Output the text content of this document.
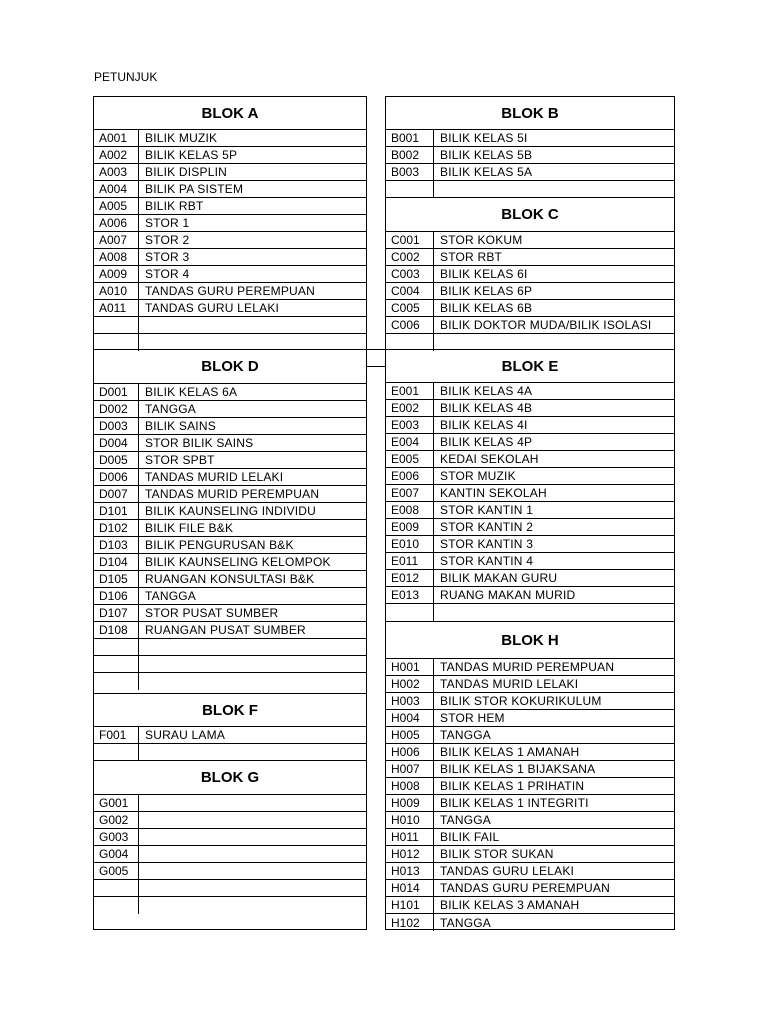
PETUNJUK
BLOK A
A001	BILIK MUZIK
A002	BILIK KELAS 5P
A003	BILIK DISPLIN
A004	BILIK PA SISTEM
A005	BILIK RBT
A006	STOR 1
A007	STOR 2
A008	STOR 3
A009	STOR 4
A010	TANDAS GURU PEREMPUAN
A011	TANDAS GURU LELAKI
BLOK D
D001	BILIK KELAS 6A
D002	TANGGA
D003	BILIK SAINS
D004	STOR BILIK SAINS
D005	STOR SPBT
D006	TANDAS MURID LELAKI
D007	TANDAS MURID PEREMPUAN
D101	BILIK KAUNSELING INDIVIDU
D102	BILIK FILE B&K
D103	BILIK PENGURUSAN B&K
D104	BILIK KAUNSELING KELOMPOK
D105	RUANGAN KONSULTASI B&K
D106	TANGGA
D107	STOR PUSAT SUMBER
D108	RUANGAN PUSAT SUMBER
BLOK F
F001	SURAU LAMA
BLOK G
G001
G002
G003
G004
G005
BLOK B
B001	BILIK KELAS 5I
B002	BILIK KELAS 5B
B003	BILIK KELAS 5A
BLOK C
C001	STOR KOKUM
C002	STOR RBT
C003	BILIK KELAS 6I
C004	BILIK KELAS 6P
C005	BILIK KELAS 6B
C006	BILIK DOKTOR MUDA/BILIK ISOLASI
BLOK E
E001	BILIK KELAS 4A
E002	BILIK KELAS 4B
E003	BILIK KELAS 4I
E004	BILIK KELAS 4P
E005	KEDAI SEKOLAH
E006	STOR MUZIK
E007	KANTIN SEKOLAH
E008	STOR KANTIN 1
E009	STOR KANTIN 2
E010	STOR KANTIN 3
E011	STOR KANTIN 4
E012	BILIK MAKAN GURU
E013	RUANG MAKAN MURID
BLOK H
H001	TANDAS MURID PEREMPUAN
H002	TANDAS MURID LELAKI
H003	BILIK STOR KOKURIKULUM
H004	STOR HEM
H005	TANGGA
H006	BILIK KELAS 1 AMANAH
H007	BILIK KELAS 1 BIJAKSANA
H008	BILIK KELAS 1 PRIHATIN
H009	BILIK KELAS 1 INTEGRITI
H010	TANGGA
H011	BILIK FAIL
H012	BILIK STOR SUKAN
H013	TANDAS GURU LELAKI
H014	TANDAS GURU PEREMPUAN
H101	BILIK KELAS 3 AMANAH
H102	TANGGA
